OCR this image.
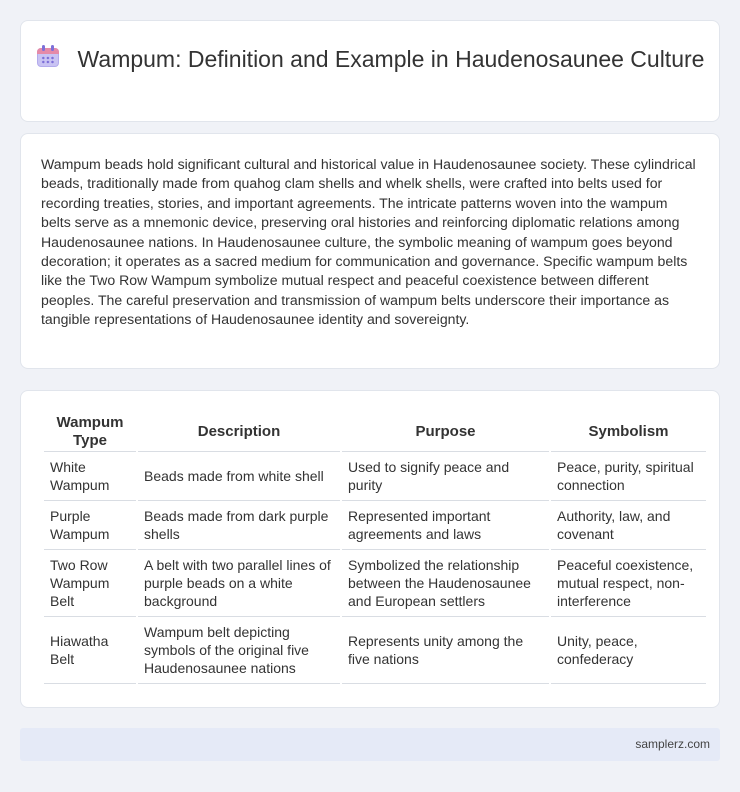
Wampum: Definition and Example in Haudenosaunee Culture

Wampum beads hold significant cultural and historical value in Haudenosaunee society. These cylindrical beads, traditionally made from quahog clam shells and whelk shells, were crafted into belts used for recording treaties, stories, and important agreements. The intricate patterns woven into the wampum belts serve as a mnemonic device, preserving oral histories and reinforcing diplomatic relations among Haudenosaunee nations. In Haudenosaunee culture, the symbolic meaning of wampum goes beyond decoration; it operates as a sacred medium for communication and governance. Specific wampum belts like the Two Row Wampum symbolize mutual respect and peaceful coexistence between different peoples. The careful preservation and transmission of wampum belts underscore their importance as tangible representations of Haudenosaunee identity and sovereignty.

Wampum Type	Description	Purpose	Symbolism
White Wampum	Beads made from white shell	Used to signify peace and purity	Peace, purity, spiritual connection
Purple Wampum	Beads made from dark purple shells	Represented important agreements and laws	Authority, law, and covenant
Two Row Wampum Belt	A belt with two parallel lines of purple beads on a white background	Symbolized the relationship between the Haudenosaunee and European settlers	Peaceful coexistence, mutual respect, non-interference
Hiawatha Belt	Wampum belt depicting symbols of the original five Haudenosaunee nations	Represents unity among the five nations	Unity, peace, confederacy
samplerz.com
